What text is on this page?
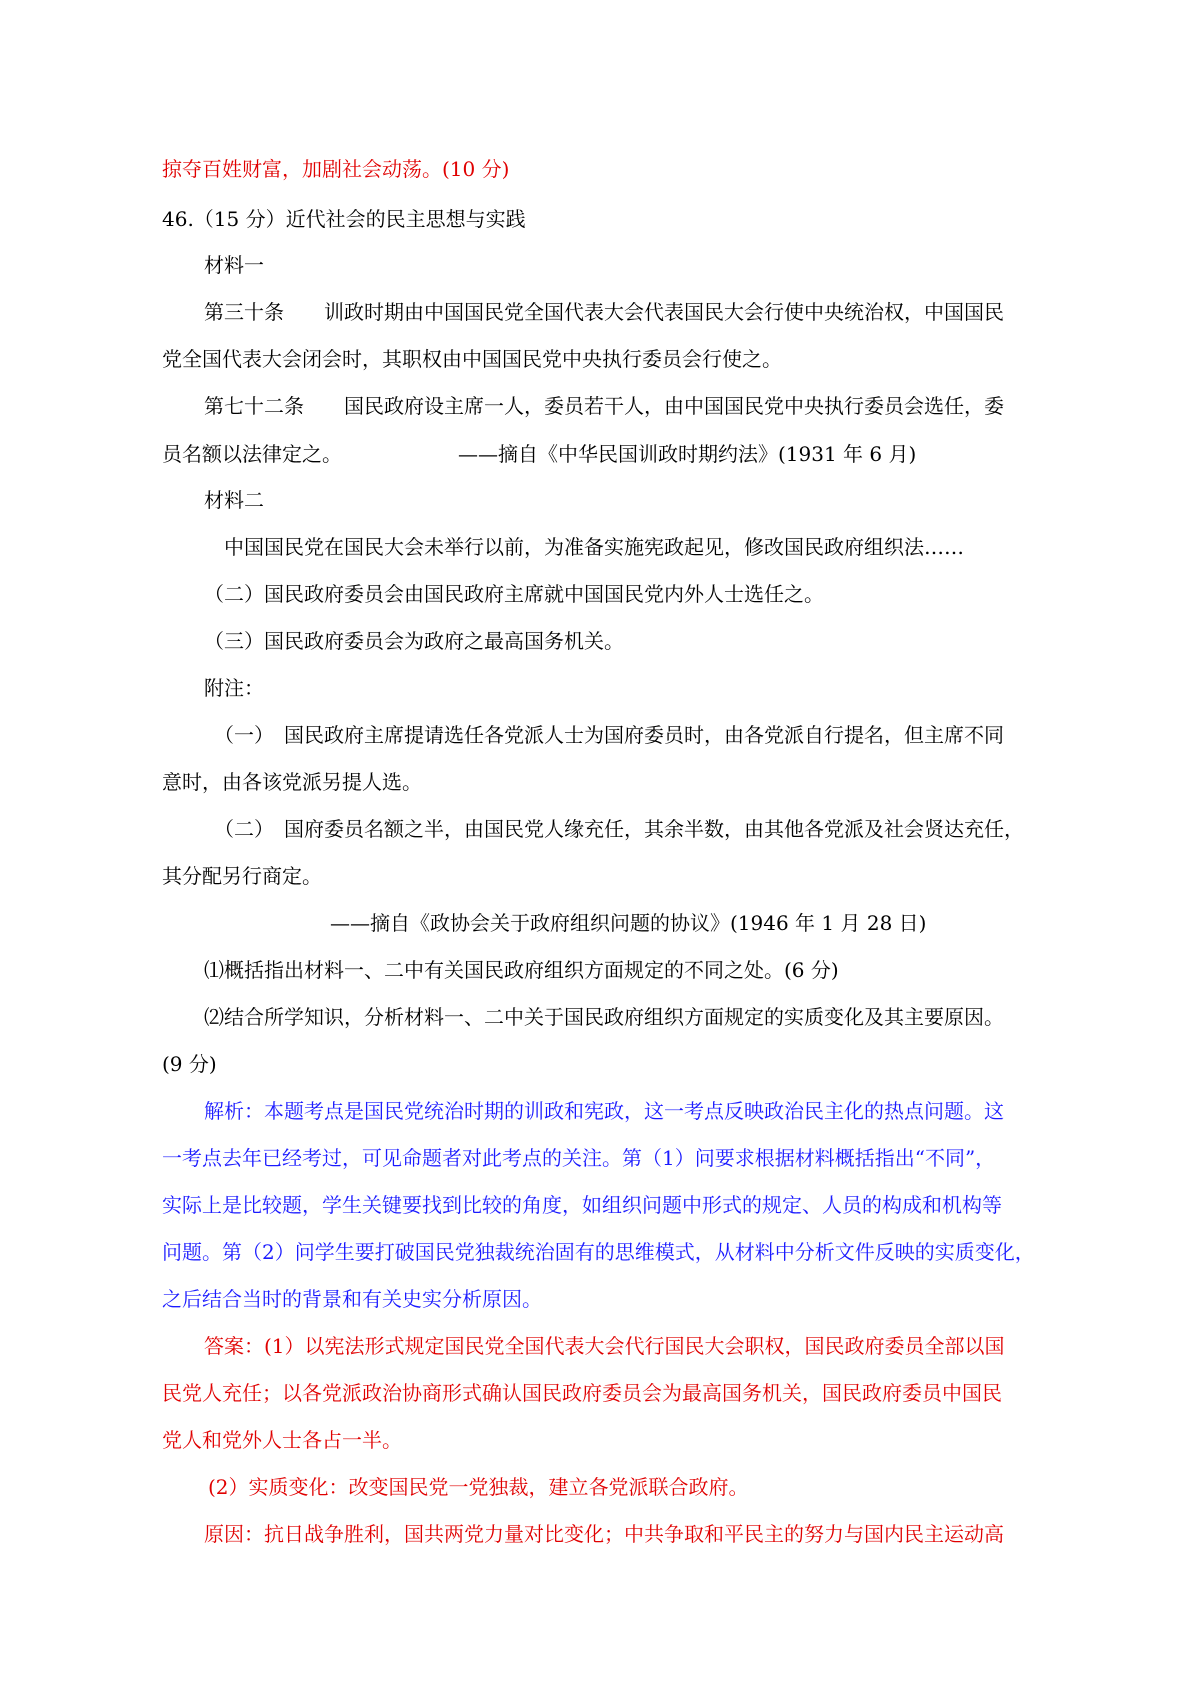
掠夺百姓财富，加剧社会动荡。(10 分)
46.（15 分）近代社会的民主思想与实践
材料一
第三十条　　训政时期由中国国民党全国代表大会代表国民大会行使中央统治权，中国国民
党全国代表大会闭会时，其职权由中国国民党中央执行委员会行使之。
第七十二条　　国民政府设主席一人，委员若干人，由中国国民党中央执行委员会选任，委
员名额以法律定之。	——摘自《中华民国训政时期约法》(1931 年 6 月)
材料二
中国国民党在国民大会未举行以前，为准备实施宪政起见，修改国民政府组织法……
（二）国民政府委员会由国民政府主席就中国国民党内外人士选任之。
（三）国民政府委员会为政府之最高国务机关。
附注：
（一）　国民政府主席提请选任各党派人士为国府委员时，由各党派自行提名，但主席不同
意时，由各该党派另提人选。
（二）　国府委员名额之半，由国民党人缘充任，其余半数，由其他各党派及社会贤达充任，
其分配另行商定。
——摘自《政协会关于政府组织问题的协议》(1946 年 1 月 28 日)
⑴概括指出材料一、二中有关国民政府组织方面规定的不同之处。(6 分)
⑵结合所学知识，分析材料一、二中关于国民政府组织方面规定的实质变化及其主要原因。
(9 分)
解析：本题考点是国民党统治时期的训政和宪政，这一考点反映政治民主化的热点问题。这
一考点去年已经考过，可见命题者对此考点的关注。第（1）问要求根据材料概括指出“不同”，
实际上是比较题，学生关键要找到比较的角度，如组织问题中形式的规定、人员的构成和机构等
问题。第（2）问学生要打破国民党独裁统治固有的思维模式，从材料中分析文件反映的实质变化，
之后结合当时的背景和有关史实分析原因。
答案：(1）以宪法形式规定国民党全国代表大会代行国民大会职权，国民政府委员全部以国
民党人充任；以各党派政治协商形式确认国民政府委员会为最高国务机关，国民政府委员中国民
党人和党外人士各占一半。
(2）实质变化：改变国民党一党独裁，建立各党派联合政府。
原因：抗日战争胜利，国共两党力量对比变化；中共争取和平民主的努力与国内民主运动高
